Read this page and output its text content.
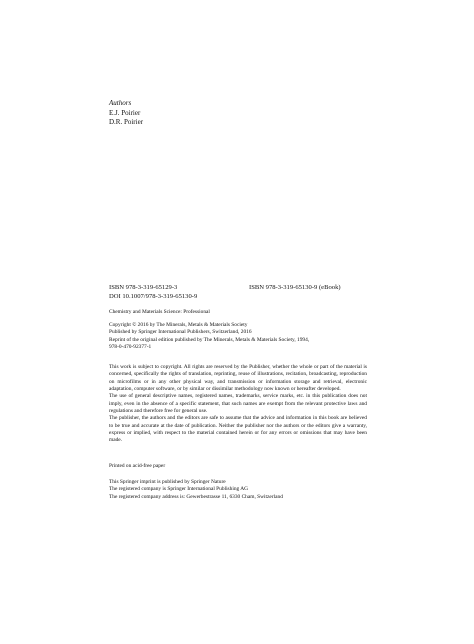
Authors
E.J. Poirier
D.R. Poirier
ISBN 978-3-319-65129-3	ISBN 978-3-319-65130-9 (eBook)
DOI 10.1007/978-3-319-65130-9
Chemistry and Materials Science: Professional
Copyright © 2016 by The Minerals, Metals & Materials Society
Published by Springer International Publishers, Switzerland, 2016
Reprint of the original edition published by The Minerals, Metals & Materials Society, 1994,
978-0-470-92377-1

This work is subject to copyright. All rights are reserved by the Publisher, whether the whole or part of the material is concerned, specifically the rights of translation, reprinting, reuse of illustrations, recitation, broadcasting, reproduction on microfilms or in any other physical way, and transmission or information storage and retrieval, electronic adaptation, computer software, or by similar or dissimilar methodology now known or hereafter developed.

The use of general descriptive names, registered names, trademarks, service marks, etc. in this publication does not imply, even in the absence of a specific statement, that such names are exempt from the relevant protective laws and regulations and therefore free for general use.

The publisher, the authors and the editors are safe to assume that the advice and information in this book are believed to be true and accurate at the date of publication. Neither the publisher nor the authors or the editors give a warranty, express or implied, with respect to the material contained herein or for any errors or omissions that may have been made.

Printed on acid-free paper
This Springer imprint is published by Springer Nature
The registered company is Springer International Publishing AG
The registered company address is: Gewerbestrasse 11, 6330 Cham, Switzerland
